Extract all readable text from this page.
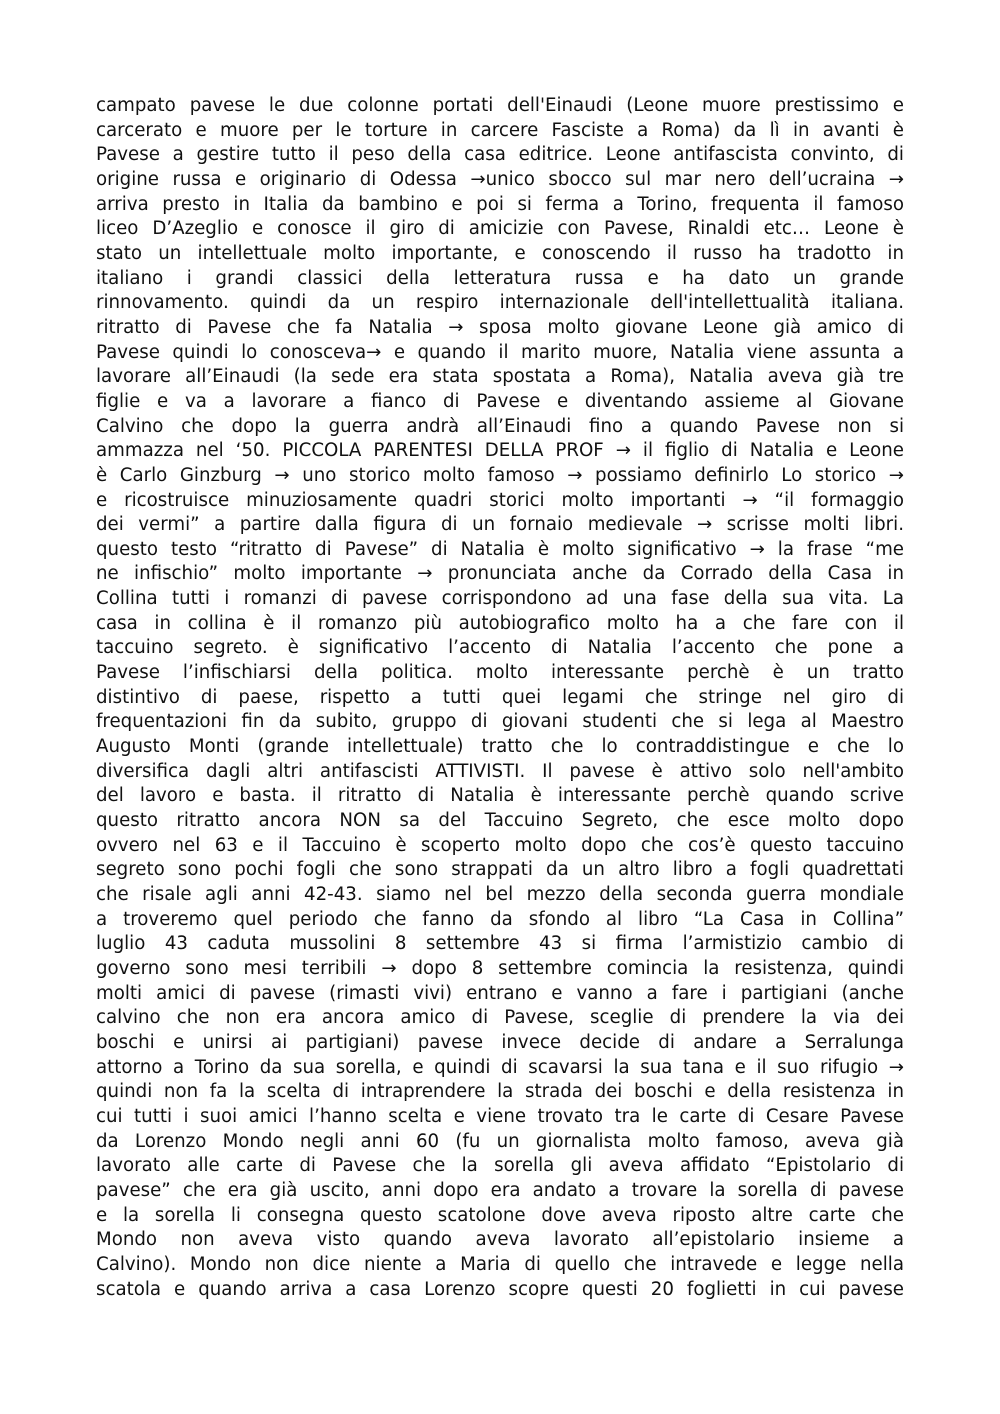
campato pavese le due colonne portati dell'Einaudi (Leone muore prestissimo e
carcerato e muore per le torture in carcere Fasciste a Roma) da lì in avanti è
Pavese a gestire tutto il peso della casa editrice. Leone antifascista convinto, di
origine russa e originario di Odessa →unico sbocco sul mar nero dell’ucraina →
arriva presto in Italia da bambino e poi si ferma a Torino, frequenta il famoso
liceo D’Azeglio e conosce il giro di amicizie con Pavese, Rinaldi etc… Leone è
stato un intellettuale molto importante, e conoscendo il russo ha tradotto in
italiano i grandi classici della letteratura russa e ha dato un grande
rinnovamento. quindi da un respiro internazionale dell'intellettualità italiana.
ritratto di Pavese che fa Natalia → sposa molto giovane Leone già amico di
Pavese quindi lo conosceva→ e quando il marito muore, Natalia viene assunta a
lavorare all’Einaudi (la sede era stata spostata a Roma), Natalia aveva già tre
figlie e va a lavorare a fianco di Pavese e diventando assieme al Giovane
Calvino che dopo la guerra andrà all’Einaudi fino a quando Pavese non si
ammazza nel ‘50. PICCOLA PARENTESI DELLA PROF → il figlio di Natalia e Leone
è Carlo Ginzburg → uno storico molto famoso → possiamo definirlo Lo storico →
e ricostruisce minuziosamente quadri storici molto importanti → “il formaggio
dei vermi” a partire dalla figura di un fornaio medievale → scrisse molti libri.
questo testo “ritratto di Pavese” di Natalia è molto significativo → la frase “me
ne infischio” molto importante → pronunciata anche da Corrado della Casa in
Collina tutti i romanzi di pavese corrispondono ad una fase della sua vita. La
casa in collina è il romanzo più autobiografico molto ha a che fare con il
taccuino segreto. è significativo l’accento di Natalia l’accento che pone a
Pavese l’infischiarsi della politica. molto interessante perchè è un tratto
distintivo di paese, rispetto a tutti quei legami che stringe nel giro di
frequentazioni fin da subito, gruppo di giovani studenti che si lega al Maestro
Augusto Monti (grande intellettuale) tratto che lo contraddistingue e che lo
diversifica dagli altri antifascisti ATTIVISTI. Il pavese è attivo solo nell'ambito
del lavoro e basta. il ritratto di Natalia è interessante perchè quando scrive
questo ritratto ancora NON sa del Taccuino Segreto, che esce molto dopo
ovvero nel 63 e il Taccuino è scoperto molto dopo che cos’è questo taccuino
segreto sono pochi fogli che sono strappati da un altro libro a fogli quadrettati
che risale agli anni 42-43. siamo nel bel mezzo della seconda guerra mondiale
a troveremo quel periodo che fanno da sfondo al libro “La Casa in Collina”
luglio 43 caduta mussolini 8 settembre 43 si firma l’armistizio cambio di
governo sono mesi terribili → dopo 8 settembre comincia la resistenza, quindi
molti amici di pavese (rimasti vivi) entrano e vanno a fare i partigiani (anche
calvino che non era ancora amico di Pavese, sceglie di prendere la via dei
boschi e unirsi ai partigiani) pavese invece decide di andare a Serralunga
attorno a Torino da sua sorella, e quindi di scavarsi la sua tana e il suo rifugio →
quindi non fa la scelta di intraprendere la strada dei boschi e della resistenza in
cui tutti i suoi amici l’hanno scelta e viene trovato tra le carte di Cesare Pavese
da Lorenzo Mondo negli anni 60 (fu un giornalista molto famoso, aveva già
lavorato alle carte di Pavese che la sorella gli aveva affidato “Epistolario di
pavese” che era già uscito, anni dopo era andato a trovare la sorella di pavese
e la sorella li consegna questo scatolone dove aveva riposto altre carte che
Mondo non aveva visto quando aveva lavorato all’epistolario insieme a
Calvino). Mondo non dice niente a Maria di quello che intravede e legge nella
scatola e quando arriva a casa Lorenzo scopre questi 20 foglietti in cui pavese
